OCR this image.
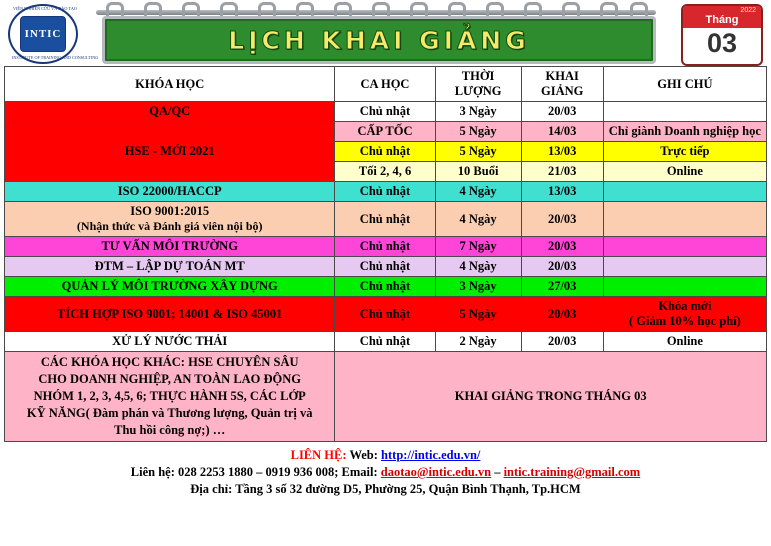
INTIC
VIỆN NGHIÊN CỨU VÀ ĐÀO TẠO
INSTITUTE OF TRAINING AND CONSULTING
LỊCH KHAI GIẢNG
2022
Tháng
03
KHÓA HỌC	CA HỌC	THỜI LƯỢNG	KHAI GIẢNG	GHI CHÚ
QA/QC	Chủ nhật	3 Ngày	20/03	
HSE - MỚI 2021	CẤP TỐC	5 Ngày	14/03	Chỉ giành Doanh nghiệp học
	Chủ nhật	5 Ngày	13/03	Trực tiếp
	Tối 2, 4, 6	10 Buổi	21/03	Online
ISO 22000/HACCP	Chủ nhật	4 Ngày	13/03	

ISO 9001:2015
(Nhận thức và Đánh giá viên nội bộ)	Chủ nhật	4 Ngày	20/03	
TƯ VẤN MÔI TRƯỜNG	Chủ nhật	7 Ngày	20/03	
ĐTM – LẬP DỰ TOÁN MT	Chủ nhật	4 Ngày	20/03	
QUẢN LÝ MÔI TRƯỜNG XÂY DỰNG	Chủ nhật	3 Ngày	27/03	
TÍCH HỢP ISO 9001; 14001 & ISO 45001	Chủ nhật	5 Ngày	20/03	Khóa mới
( Giảm 10% học phí)

XỬ LÝ NƯỚC THẢI	Chủ nhật	2 Ngày	20/03	Online

CÁC KHÓA HỌC KHÁC: HSE CHUYÊN SÂU
CHO DOANH NGHIỆP, AN TOÀN LAO ĐỘNG
NHÓM 1, 2, 3, 4,5, 6; THỰC HÀNH 5S, CÁC LỚP
KỸ NĂNG( Đàm phán và Thương lượng, Quản trị và
Thu hồi công nợ;) …	KHAI GIẢNG TRONG THÁNG 03			
LIÊN HỆ: Web: http://intic.edu.vn/
Liên hệ: 028 2253 1880 – 0919 936 008; Email: daotao@intic.edu.vn – intic.training@gmail.com
Địa chỉ: Tầng 3 số 32 đường D5, Phường 25, Quận Bình Thạnh, Tp.HCM
